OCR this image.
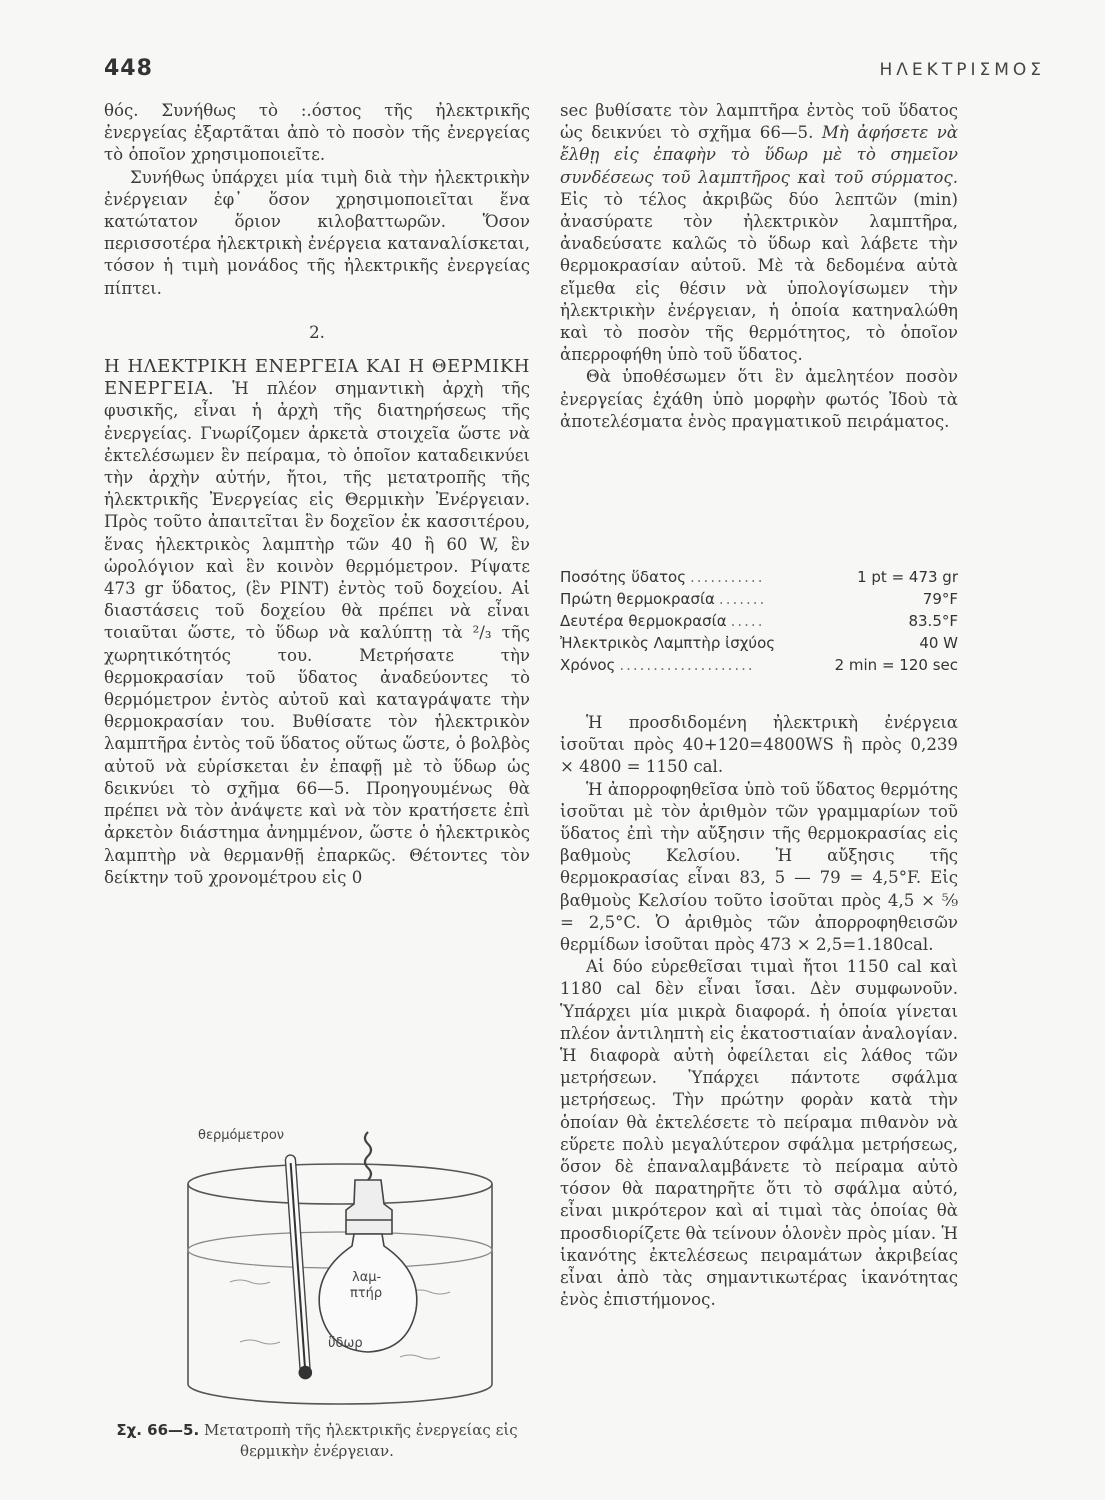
448	ΗΛΕΚΤΡΙΣΜΟΣ

θός. Συνήθως τὸ :.όστος τῆς ἠλεκτρικῆς ἐνεργείας ἐξαρτᾶται ἀπὸ τὸ ποσὸν τῆς ἐνεργείας τὸ ὁποῖον χρησιμοποιεῖτε.

Συνήθως ὑπάρχει μία τιμὴ διὰ τὴν ἠλεκτρικὴν ἐνέργειαν ἐφ᾽ ὅσον χρησιμοποιεῖται ἕνα κατώτατον ὅριον κιλοβαττωρῶν. Ὅσον περισσοτέρα ἠλεκτρικὴ ἐνέργεια καταναλίσκεται, τόσον ἡ τιμὴ μονάδος τῆς ἠλεκτρικῆς ἐνεργείας πίπτει.

2.

Η ΗΛΕΚΤΡΙΚΗ ΕΝΕΡΓΕΙΑ ΚΑΙ Η ΘΕΡΜΙΚΗ ΕΝΕΡΓΕΙΑ. Ἡ πλέον σημαντικὴ ἀρχὴ τῆς φυσικῆς, εἶναι ἡ ἀρχὴ τῆς διατηρήσεως τῆς ἐνεργείας. Γνωρίζομεν ἀρκετὰ στοιχεῖα ὥστε νὰ ἐκτελέσωμεν ἓν πείραμα, τὸ ὁποῖον καταδεικνύει τὴν ἀρχὴν αὐτήν, ἤτοι, τῆς μετατροπῆς τῆς ἠλεκτρικῆς Ἐνεργείας εἰς Θερμικὴν Ἐνέργειαν. Πρὸς τοῦτο ἀπαιτεῖται ἓν δοχεῖον ἐκ κασσιτέρου, ἕνας ἠλεκτρικὸς λαμπτὴρ τῶν 40 ἢ 60 W, ἓν ὡρολόγιον καὶ ἓν κοινὸν θερμόμετρον. Ρίψατε 473 gr ὕδατος, (ἓν PINT) ἐντὸς τοῦ δοχείου. Αἱ διαστάσεις τοῦ δοχείου θὰ πρέπει νὰ εἶναι τοιαῦται ὥστε, τὸ ὕδωρ νὰ καλύπτῃ τὰ ²/₃ τῆς χωρητικότητός του. Μετρήσατε τὴν θερμοκρασίαν τοῦ ὕδατος ἀναδεύοντες τὸ θερμόμετρον ἐντὸς αὐτοῦ καὶ καταγράψατε τὴν θερμοκρασίαν του. Βυθίσατε τὸν ἠλεκτρικὸν λαμπτῆρα ἐντὸς τοῦ ὕδατος οὕτως ὥστε, ὁ βολβὸς αὐτοῦ νὰ εὑρίσκεται ἐν ἐπαφῇ μὲ τὸ ὕδωρ ὡς δεικνύει τὸ σχῆμα 66—5. Προηγουμένως θὰ πρέπει νὰ τὸν ἀνάψετε καὶ νὰ τὸν κρατήσετε ἐπὶ ἀρκετὸν διάστημα ἀνημμένον, ὥστε ὁ ἠλεκτρικὸς λαμπτὴρ νὰ θερμανθῇ ἐπαρκῶς. Θέτοντες τὸν δείκτην τοῦ χρονομέτρου εἰς 0

θερμόμετρον
λαμ-
πτήρ
ὕδωρ
Σχ. 66—5. Μετατροπὴ τῆς ἠλεκτρικῆς ἐνεργείας εἰς θερμικὴν ἐνέργειαν.

sec βυθίσατε τὸν λαμπτῆρα ἐντὸς τοῦ ὕδατος ὡς δεικνύει τὸ σχῆμα 66—5. Μὴ ἀφήσετε νὰ ἔλθῃ εἰς ἐπαφὴν τὸ ὕδωρ μὲ τὸ σημεῖον συνδέσεως τοῦ λαμπτῆρος καὶ τοῦ σύρματος. Εἰς τὸ τέλος ἀκριβῶς δύο λεπτῶν (min) ἀνασύρατε τὸν ἠλεκτρικὸν λαμπτῆρα, ἀναδεύσατε καλῶς τὸ ὕδωρ καὶ λάβετε τὴν θερμοκρασίαν αὐτοῦ. Μὲ τὰ δεδομένα αὐτὰ εἴμεθα εἰς θέσιν νὰ ὑπολογίσωμεν τὴν ἠλεκτρικὴν ἐνέργειαν, ἡ ὁποία κατηναλώθη καὶ τὸ ποσὸν τῆς θερμότητος, τὸ ὁποῖον ἀπερροφήθη ὑπὸ τοῦ ὕδατος.

Θὰ ὑποθέσωμεν ὅτι ἓν ἀμελητέον ποσὸν ἐνεργείας ἐχάθη ὑπὸ μορφὴν φωτός Ἰδοὺ τὰ ἀποτελέσματα ἑνὸς πραγματικοῦ πειράματος.

Ποσότης ὕδατος ...........	1 pt = 473 gr
Πρώτη θερμοκρασία .......	79°F
Δευτέρα θερμοκρασία .....	83.5°F
Ἠλεκτρικὸς Λαμπτὴρ ἰσχύος	40 W
Χρόνος ....................	2 min = 120 sec

Ἡ προσδιδομένη ἠλεκτρικὴ ἐνέργεια ἰσοῦται πρὸς 40+120=4800WS ἢ πρὸς 0,239 × 4800 = 1150 cal.

Ἡ ἀπορροφηθεῖσα ὑπὸ τοῦ ὕδατος θερμότης ἰσοῦται μὲ τὸν ἀριθμὸν τῶν γραμμαρίων τοῦ ὕδατος ἐπὶ τὴν αὔξησιν τῆς θερμοκρασίας εἰς βαθμοὺς Κελσίου. Ἡ αὔξησις τῆς θερμοκρασίας εἶναι 83, 5 — 79 = 4,5°F. Εἰς βαθμοὺς Κελσίου τοῦτο ἰσοῦται πρὸς 4,5 × ⁵⁄₉ = 2,5°C. Ὁ ἀριθμὸς τῶν ἀπορροφηθεισῶν θερμίδων ἰσοῦται πρὸς 473 × 2,5=1.180cal.

Αἱ δύο εὑρεθεῖσαι τιμαὶ ἤτοι 1150 cal καὶ 1180 cal δὲν εἶναι ἴσαι. Δὲν συμφωνοῦν. Ὑπάρχει μία μικρὰ διαφορά. ἡ ὁποία γίνεται πλέον ἀντιληπτὴ εἰς ἑκατοστιαίαν ἀναλογίαν. Ἡ διαφορὰ αὐτὴ ὀφείλεται εἰς λάθος τῶν μετρήσεων. Ὑπάρχει πάντοτε σφάλμα μετρήσεως. Τὴν πρώτην φορὰν κατὰ τὴν ὁποίαν θὰ ἐκτελέσετε τὸ πείραμα πιθανὸν νὰ εὕρετε πολὺ μεγαλύτερον σφάλμα μετρήσεως, ὅσον δὲ ἐπαναλαμβάνετε τὸ πείραμα αὐτὸ τόσον θὰ παρατηρῆτε ὅτι τὸ σφάλμα αὐτό, εἶναι μικρότερον καὶ αἱ τιμαὶ τὰς ὁποίας θὰ προσδιορίζετε θὰ τείνουν ὁλονὲν πρὸς μίαν. Ἡ ἱκανότης ἐκτελέσεως πειραμάτων ἀκριβείας εἶναι ἀπὸ τὰς σημαντικωτέρας ἱκανότητας ἑνὸς ἐπιστήμονος.
